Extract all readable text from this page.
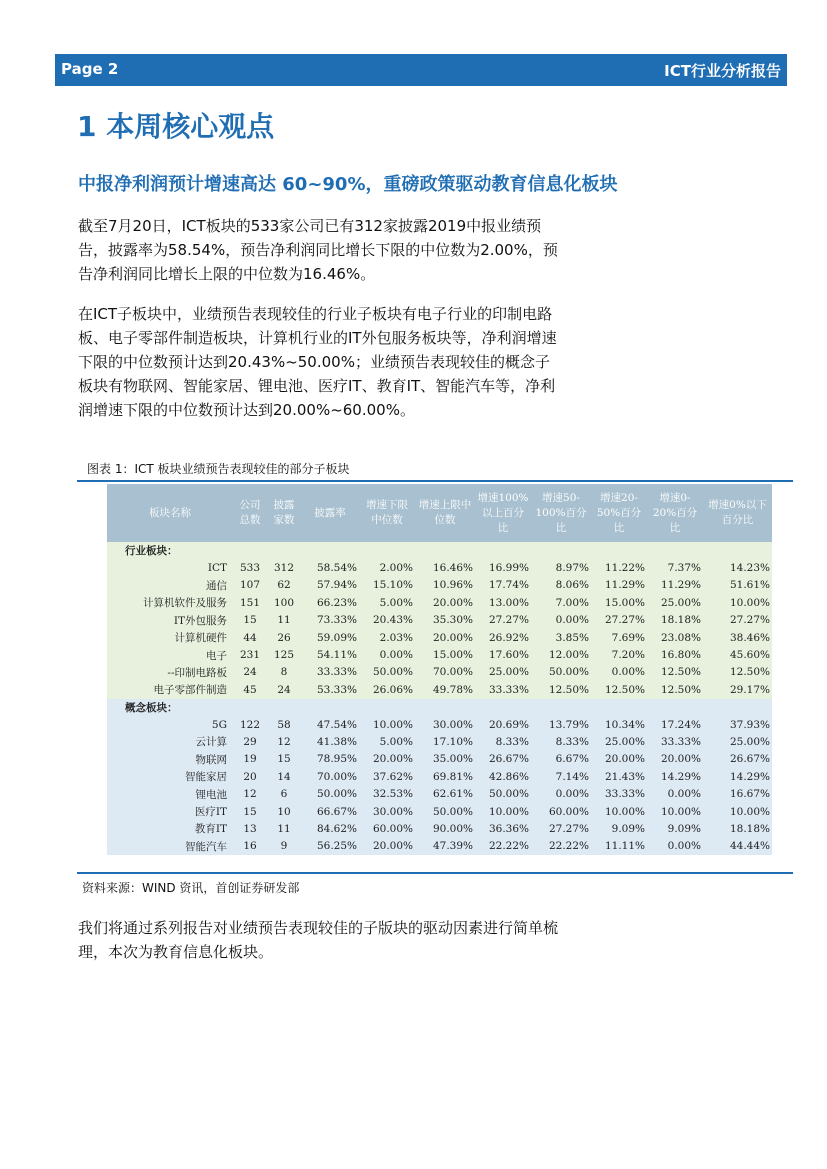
Page 2	ICT行业分析报告
1 本周核心观点
中报净利润预计增速高达 60~90%，重磅政策驱动教育信息化板块
截至7月20日，ICT板块的533家公司已有312家披露2019中报业绩预告，披露率为58.54%，预告净利润同比增长下限的中位数为2.00%，预告净利润同比增长上限的中位数为16.46%。
在ICT子板块中，业绩预告表现较佳的行业子板块有电子行业的印制电路板、电子零部件制造板块，计算机行业的IT外包服务板块等，净利润增速下限的中位数预计达到20.43%~50.00%；业绩预告表现较佳的概念子板块有物联网、智能家居、锂电池、医疗IT、教育IT、智能汽车等，净利润增速下限的中位数预计达到20.00%~60.00%。
图表 1：ICT 板块业绩预告表现较佳的部分子板块
板块名称	公司总数	披露家数	披露率	增速下限中位数	增速上限中位数	增速100%以上百分比	增速50-100%百分比	增速20-50%百分比	增速0-20%百分比	增速0%以下百分比
行业板块：										
ICT	533	312	58.54%	2.00%	16.46%	16.99%	8.97%	11.22%	7.37%	14.23%
通信	107	62	57.94%	15.10%	10.96%	17.74%	8.06%	11.29%	11.29%	51.61%
计算机软件及服务	151	100	66.23%	5.00%	20.00%	13.00%	7.00%	15.00%	25.00%	10.00%
IT外包服务	15	11	73.33%	20.43%	35.30%	27.27%	0.00%	27.27%	18.18%	27.27%
计算机硬件	44	26	59.09%	2.03%	20.00%	26.92%	3.85%	7.69%	23.08%	38.46%
电子	231	125	54.11%	0.00%	15.00%	17.60%	12.00%	7.20%	16.80%	45.60%
--印制电路板	24	8	33.33%	50.00%	70.00%	25.00%	50.00%	0.00%	12.50%	12.50%
电子零部件制造	45	24	53.33%	26.06%	49.78%	33.33%	12.50%	12.50%	12.50%	29.17%
概念板块：										
5G	122	58	47.54%	10.00%	30.00%	20.69%	13.79%	10.34%	17.24%	37.93%
云计算	29	12	41.38%	5.00%	17.10%	8.33%	8.33%	25.00%	33.33%	25.00%
物联网	19	15	78.95%	20.00%	35.00%	26.67%	6.67%	20.00%	20.00%	26.67%
智能家居	20	14	70.00%	37.62%	69.81%	42.86%	7.14%	21.43%	14.29%	14.29%
锂电池	12	6	50.00%	32.53%	62.61%	50.00%	0.00%	33.33%	0.00%	16.67%
医疗IT	15	10	66.67%	30.00%	50.00%	10.00%	60.00%	10.00%	10.00%	10.00%
教育IT	13	11	84.62%	60.00%	90.00%	36.36%	27.27%	9.09%	9.09%	18.18%
智能汽车	16	9	56.25%	20.00%	47.39%	22.22%	22.22%	11.11%	0.00%	44.44%
资料来源：WIND 资讯，首创证券研发部
我们将通过系列报告对业绩预告表现较佳的子版块的驱动因素进行简单梳理，本次为教育信息化板块。
